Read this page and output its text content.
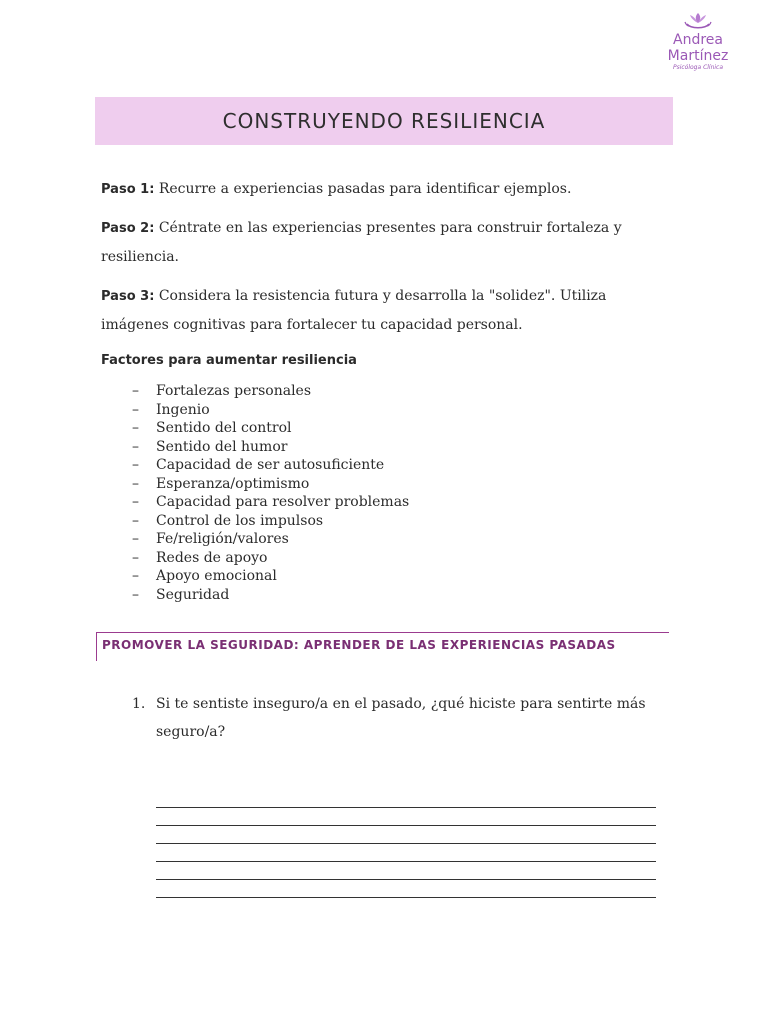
Andrea
Martínez
Psicóloga Clínica
CONSTRUYENDO RESILIENCIA

Paso 1: Recurre a experiencias pasadas para identificar ejemplos.

Paso 2: Céntrate en las experiencias presentes para construir fortaleza y resiliencia.

Paso 3: Considera la resistencia futura y desarrolla la "solidez". Utiliza imágenes cognitivas para fortalecer tu capacidad personal.

Factores para aumentar resiliencia
–	Fortalezas personales
–	Ingenio
–	Sentido del control
–	Sentido del humor
–	Capacidad de ser autosuficiente
–	Esperanza/optimismo
–	Capacidad para resolver problemas
–	Control de los impulsos
–	Fe/religión/valores
–	Redes de apoyo
–	Apoyo emocional
–	Seguridad
PROMOVER LA SEGURIDAD: APRENDER DE LAS EXPERIENCIAS PASADAS
1. Si te sentiste inseguro/a en el pasado, ¿qué hiciste para sentirte más seguro/a?
